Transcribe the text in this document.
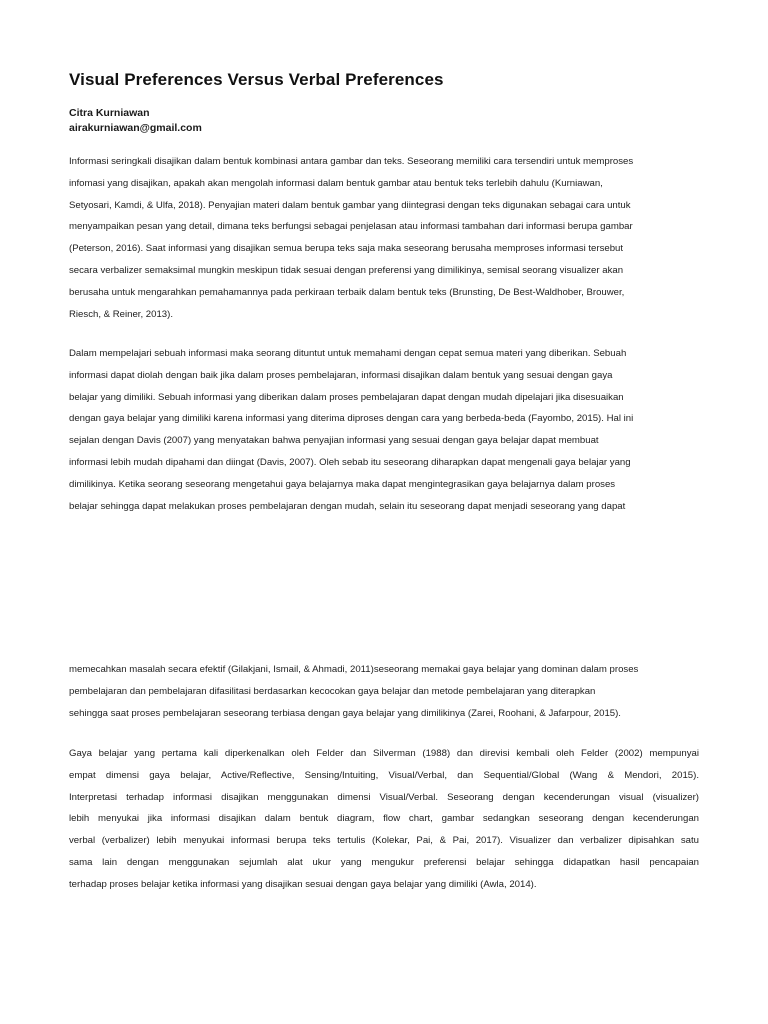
Visual Preferences Versus Verbal Preferences
Citra Kurniawan
airakurniawan@gmail.com

Informasi seringkali disajikan dalam bentuk kombinasi antara gambar dan teks. Seseorang memiliki cara tersendiri untuk memproses
infomasi yang disajikan, apakah akan mengolah informasi dalam bentuk gambar atau bentuk teks terlebih dahulu (Kurniawan,
Setyosari, Kamdi, & Ulfa, 2018). Penyajian materi dalam bentuk gambar yang diintegrasi dengan teks digunakan sebagai cara untuk
menyampaikan pesan yang detail, dimana teks berfungsi sebagai penjelasan atau informasi tambahan dari informasi berupa gambar
(Peterson, 2016). Saat informasi yang disajikan semua berupa teks saja maka seseorang berusaha memproses informasi tersebut
secara verbalizer semaksimal mungkin meskipun tidak sesuai dengan preferensi yang dimilikinya, semisal seorang visualizer akan
berusaha untuk mengarahkan pemahamannya pada perkiraan terbaik dalam bentuk teks (Brunsting, De Best-Waldhober, Brouwer,
Riesch, & Reiner, 2013).

Dalam mempelajari sebuah informasi maka seorang dituntut untuk memahami dengan cepat semua materi yang diberikan. Sebuah
informasi dapat diolah dengan baik jika dalam proses pembelajaran, informasi disajikan dalam bentuk yang sesuai dengan gaya
belajar yang dimiliki. Sebuah informasi yang diberikan dalam proses pembelajaran dapat dengan mudah dipelajari jika disesuaikan
dengan gaya belajar yang dimiliki karena informasi yang diterima diproses dengan cara yang berbeda-beda (Fayombo, 2015). Hal ini
sejalan dengan Davis (2007) yang menyatakan bahwa penyajian informasi yang sesuai dengan gaya belajar dapat membuat
informasi lebih mudah dipahami dan diingat (Davis, 2007). Oleh sebab itu seseorang diharapkan dapat mengenali gaya belajar yang
dimilikinya. Ketika seorang seseorang mengetahui gaya belajarnya maka dapat mengintegrasikan gaya belajarnya dalam proses
belajar sehingga dapat melakukan proses pembelajaran dengan mudah, selain itu seseorang dapat menjadi seseorang yang dapat

memecahkan masalah secara efektif (Gilakjani, Ismail, & Ahmadi, 2011)seseorang memakai gaya belajar yang dominan dalam proses
pembelajaran dan pembelajaran difasilitasi berdasarkan kecocokan gaya belajar dan metode pembelajaran yang diterapkan
sehingga saat proses pembelajaran seseorang terbiasa dengan gaya belajar yang dimilikinya (Zarei, Roohani, & Jafarpour, 2015).

Gaya belajar yang pertama kali diperkenalkan oleh Felder dan Silverman (1988) dan direvisi kembali oleh Felder (2002) mempunyai
empat dimensi gaya belajar, Active/Reflective, Sensing/Intuiting, Visual/Verbal, dan Sequential/Global (Wang & Mendori, 2015).
Interpretasi terhadap informasi disajikan menggunakan dimensi Visual/Verbal. Seseorang dengan kecenderungan visual (visualizer)
lebih menyukai jika informasi disajikan dalam bentuk diagram, flow chart, gambar sedangkan seseorang dengan kecenderungan
verbal (verbalizer) lebih menyukai informasi berupa teks tertulis (Kolekar, Pai, & Pai, 2017). Visualizer dan verbalizer dipisahkan satu
sama lain dengan menggunakan sejumlah alat ukur yang mengukur preferensi belajar sehingga didapatkan hasil pencapaian
terhadap proses belajar ketika informasi yang disajikan sesuai dengan gaya belajar yang dimiliki (Awla, 2014).
